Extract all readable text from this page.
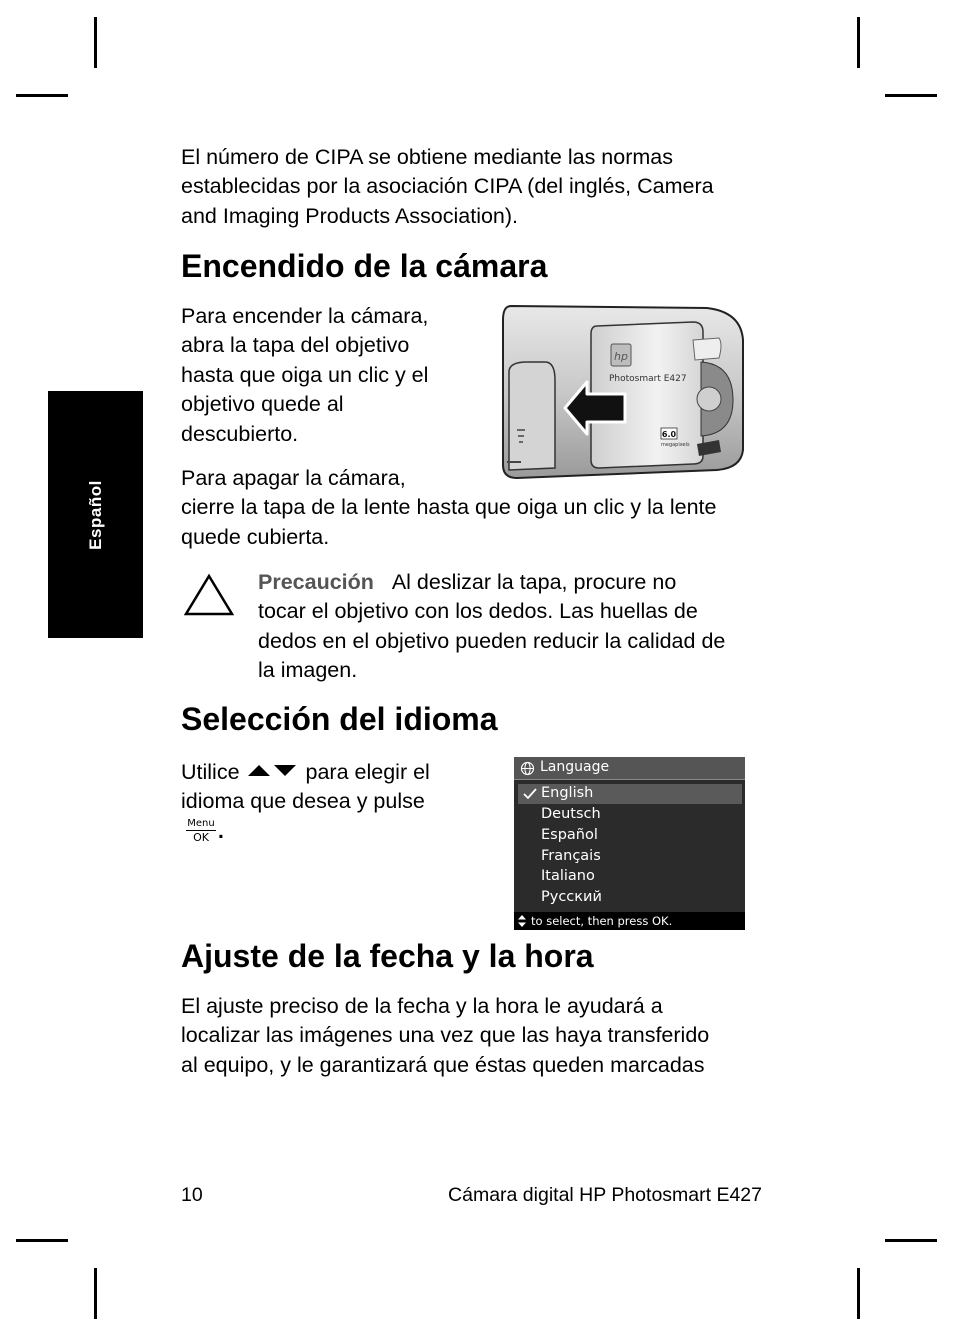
Español
El número de CIPA se obtiene mediante las normas
establecidas por la asociación CIPA (del inglés, Camera
and Imaging Products Association).
Encendido de la cámara
Para encender la cámara,
abra la tapa del objetivo
hasta que oiga un clic y el
objetivo quede al
descubierto.
hp
Photosmart E427
6.0
megapixels
Para apagar la cámara,
cierre la tapa de la lente hasta que oiga un clic y la lente
quede cubierta.
Precaución Al deslizar la tapa, procure no
tocar el objetivo con los dedos. Las huellas de
dedos en el objetivo pueden reducir la calidad de
la imagen.
Selección del idioma
Utilice	para elegir el
idioma que desea y pulse
Menu
OK .
Language
English
Deutsch
Español
Français
Italiano
Русский
to select, then press OK.
Ajuste de la fecha y la hora
El ajuste preciso de la fecha y la hora le ayudará a
localizar las imágenes una vez que las haya transferido
al equipo, y le garantizará que éstas queden marcadas
10	Cámara digital HP Photosmart E427
